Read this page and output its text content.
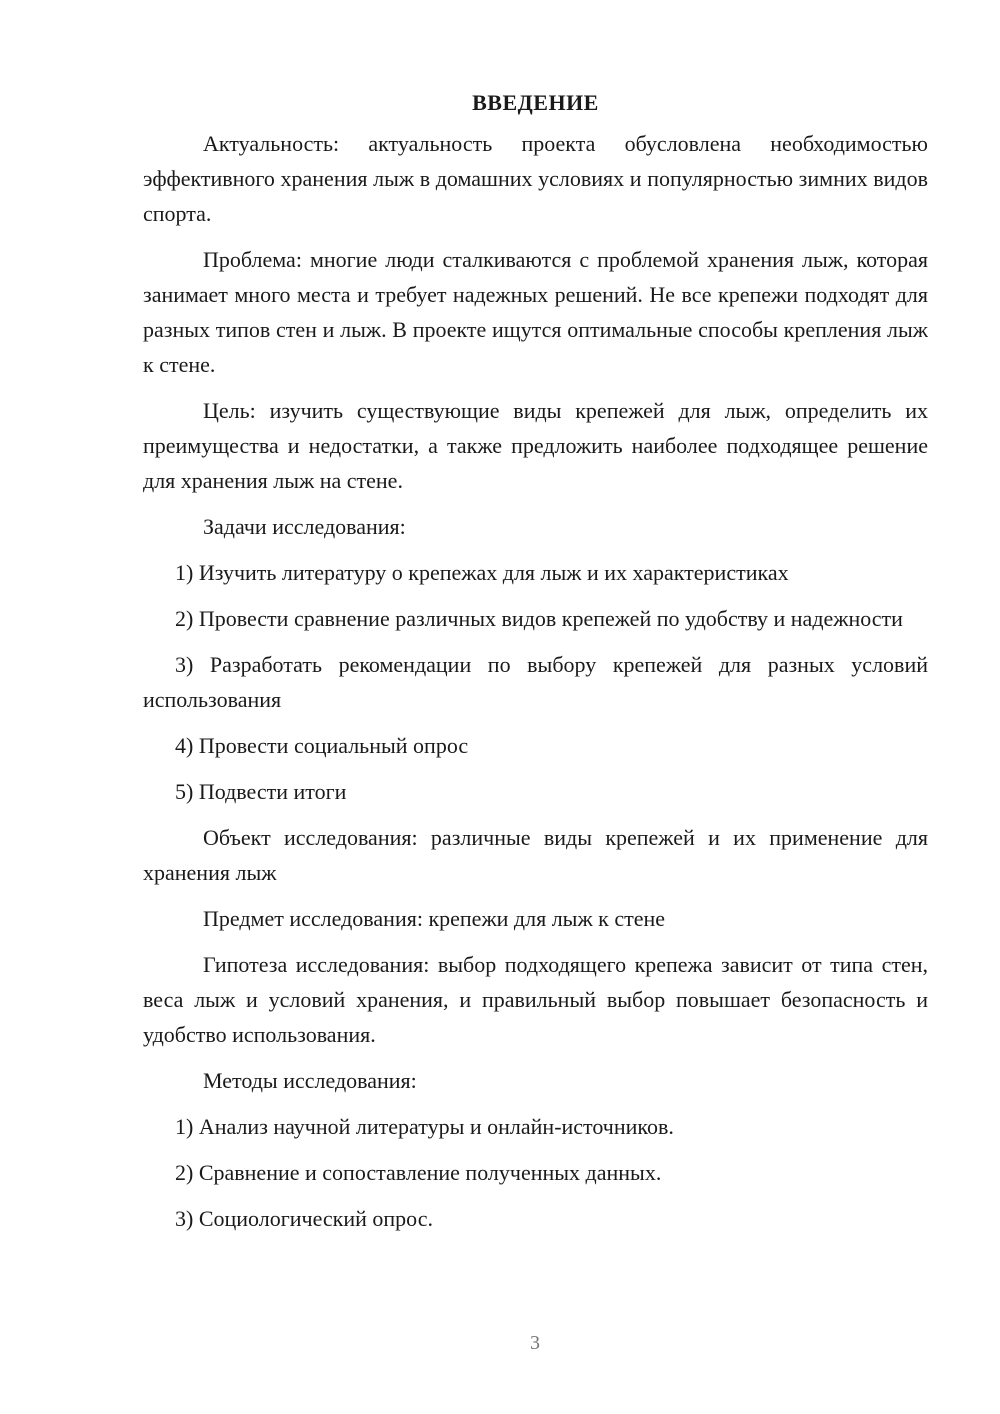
ВВЕДЕНИЕ

Актуальность: актуальность проекта обусловлена необходимостью эффективного хранения лыж в домашних условиях и популярностью зимних видов спорта.

Проблема: многие люди сталкиваются с проблемой хранения лыж, которая занимает много места и требует надежных решений. Не все крепежи подходят для разных типов стен и лыж. В проекте ищутся оптимальные способы крепления лыж к стене.

Цель: изучить существующие виды крепежей для лыж, определить их преимущества и недостатки, а также предложить наиболее подходящее решение для хранения лыж на стене.

Задачи исследования:

1) Изучить литературу о крепежах для лыж и их характеристиках

2) Провести сравнение различных видов крепежей по удобству и надежности

3) Разработать рекомендации по выбору крепежей для разных условий использования

4) Провести социальный опрос

5) Подвести итоги

Объект исследования: различные виды крепежей и их применение для хранения лыж

Предмет исследования: крепежи для лыж к стене

Гипотеза исследования: выбор подходящего крепежа зависит от типа стен, веса лыж и условий хранения, и правильный выбор повышает безопасность и удобство использования.

Методы исследования:

1) Анализ научной литературы и онлайн-источников.

2) Сравнение и сопоставление полученных данных.

3) Социологический опрос.

3
